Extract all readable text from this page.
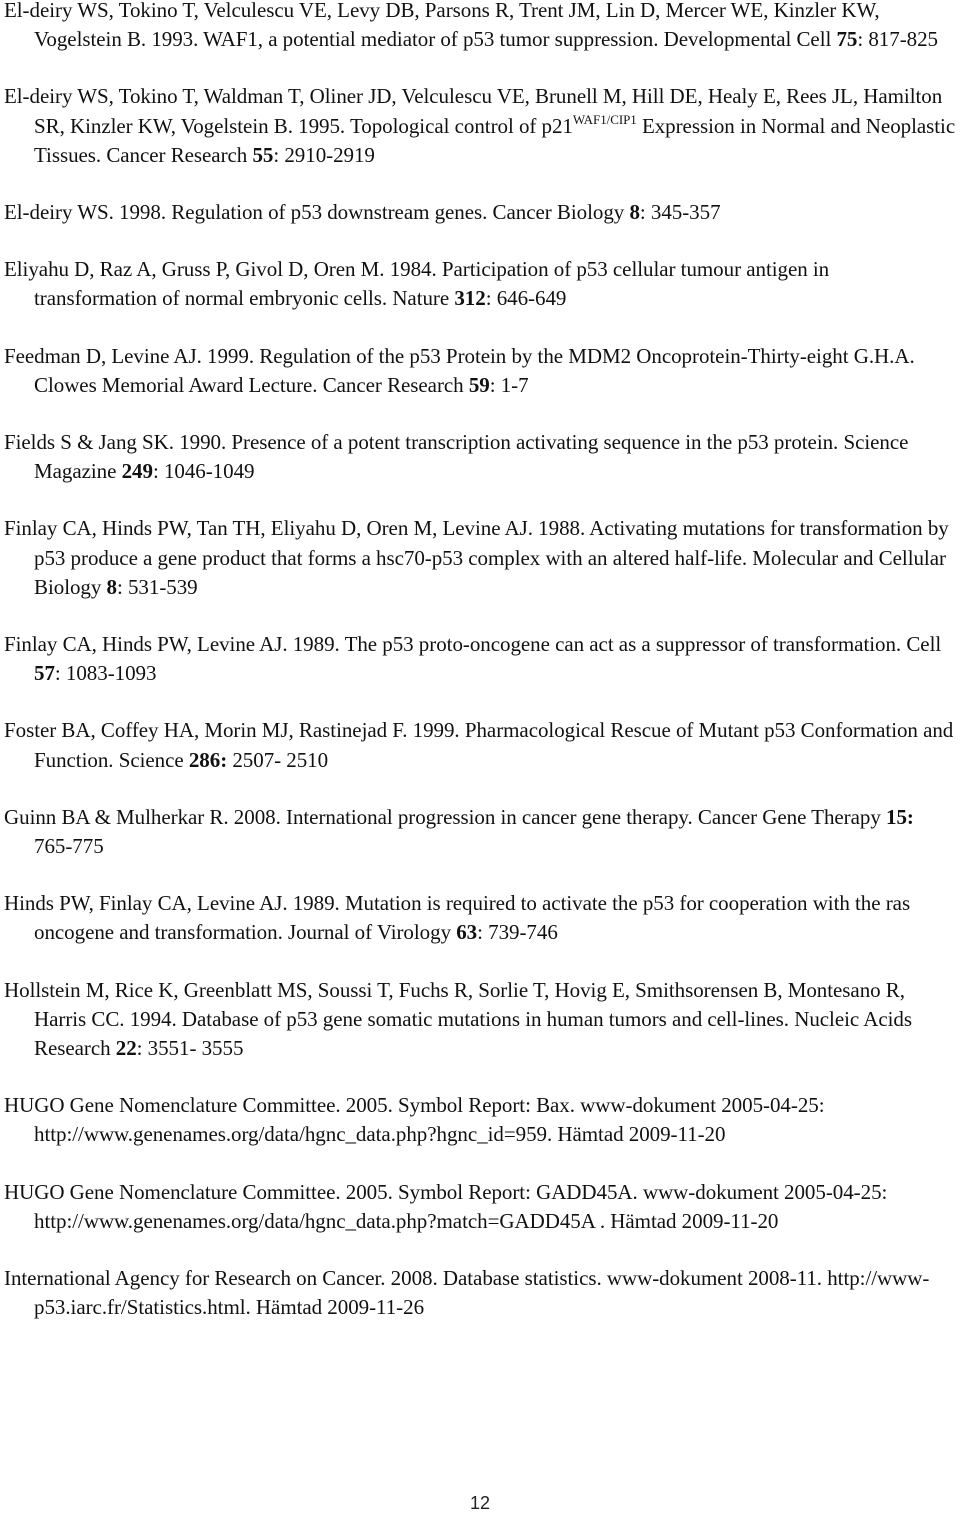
El-deiry WS, Tokino T, Velculescu VE, Levy DB, Parsons R, Trent JM, Lin D, Mercer WE, Kinzler KW, Vogelstein B. 1993. WAF1, a potential mediator of p53 tumor suppression. Developmental Cell 75: 817-825

El-deiry WS, Tokino T, Waldman T, Oliner JD, Velculescu VE, Brunell M, Hill DE, Healy E, Rees JL, Hamilton SR, Kinzler KW, Vogelstein B. 1995. Topological control of $p21^{WAF1/CIP1}$ Expression in Normal and Neoplastic Tissues. Cancer Research 55: 2910-2919

El-deiry WS. 1998. Regulation of p53 downstream genes. Cancer Biology 8: 345-357

Eliyahu D, Raz A, Gruss P, Givol D, Oren M. 1984. Participation of p53 cellular tumour antigen in transformation of normal embryonic cells. Nature 312: 646-649

Feedman D, Levine AJ. 1999. Regulation of the p53 Protein by the MDM2 Oncoprotein-Thirty-eight G.H.A. Clowes Memorial Award Lecture. Cancer Research 59: 1-7

Fields S & Jang SK. 1990. Presence of a potent transcription activating sequence in the p53 protein. Science Magazine 249: 1046-1049

Finlay CA, Hinds PW, Tan TH, Eliyahu D, Oren M, Levine AJ. 1988. Activating mutations for transformation by p53 produce a gene product that forms a hsc70-p53 complex with an altered half-life. Molecular and Cellular Biology 8: 531-539

Finlay CA, Hinds PW, Levine AJ. 1989. The p53 proto-oncogene can act as a suppressor of transformation. Cell 57: 1083-1093

Foster BA, Coffey HA, Morin MJ, Rastinejad F. 1999. Pharmacological Rescue of Mutant p53 Conformation and Function. Science 286: 2507- 2510

Guinn BA & Mulherkar R. 2008. International progression in cancer gene therapy. Cancer Gene Therapy 15: 765-775

Hinds PW, Finlay CA, Levine AJ. 1989. Mutation is required to activate the p53 for cooperation with the ras oncogene and transformation. Journal of Virology 63: 739-746

Hollstein M, Rice K, Greenblatt MS, Soussi T, Fuchs R, Sorlie T, Hovig E, Smithsorensen B, Montesano R, Harris CC. 1994. Database of p53 gene somatic mutations in human tumors and cell-lines. Nucleic Acids Research 22: 3551- 3555

HUGO Gene Nomenclature Committee. 2005. Symbol Report: Bax. www-dokument 2005-04-25: http://www.genenames.org/data/hgnc_data.php?hgnc_id=959. Hämtad 2009-11-20

HUGO Gene Nomenclature Committee. 2005. Symbol Report: GADD45A. www-dokument 2005-04-25: http://www.genenames.org/data/hgnc_data.php?match=GADD45A . Hämtad 2009-11-20

International Agency for Research on Cancer. 2008. Database statistics. www-dokument 2008-11. http://www-p53.iarc.fr/Statistics.html. Hämtad 2009-11-26

12
